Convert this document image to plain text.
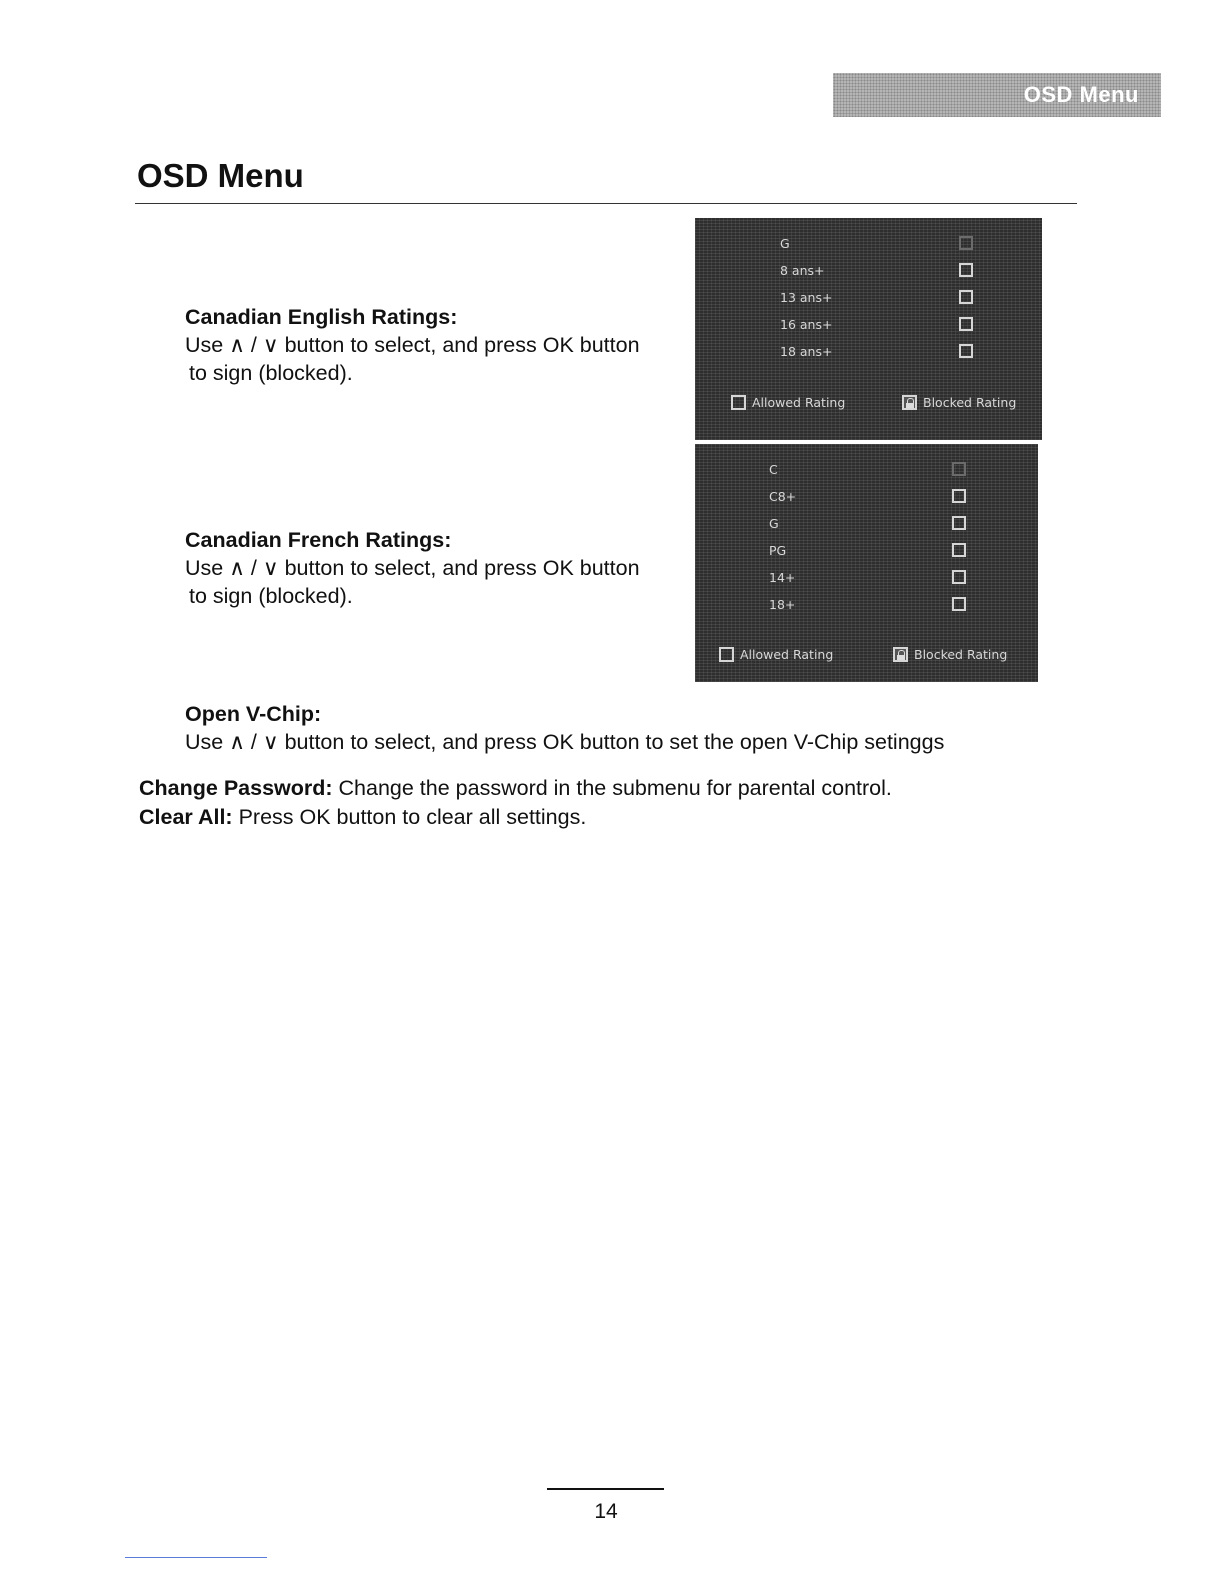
OSD Menu
OSD Menu
Canadian English Ratings:
Use ∧ / ∨ button to select, and press OK button
to sign (blocked).
G
8 ans+
13 ans+
16 ans+
18 ans+
Allowed Rating	Blocked Rating
Canadian French Ratings:
Use ∧ / ∨ button to select, and press OK button
to sign (blocked).
C
C8+
G
PG
14+
18+
Allowed Rating	Blocked Rating
Open V-Chip:
Use ∧ / ∨ button to select, and press OK button to set the open V-Chip setinggs
Change Password: Change the password in the submenu for parental control.
Clear All: Press OK button to clear all settings.
14
